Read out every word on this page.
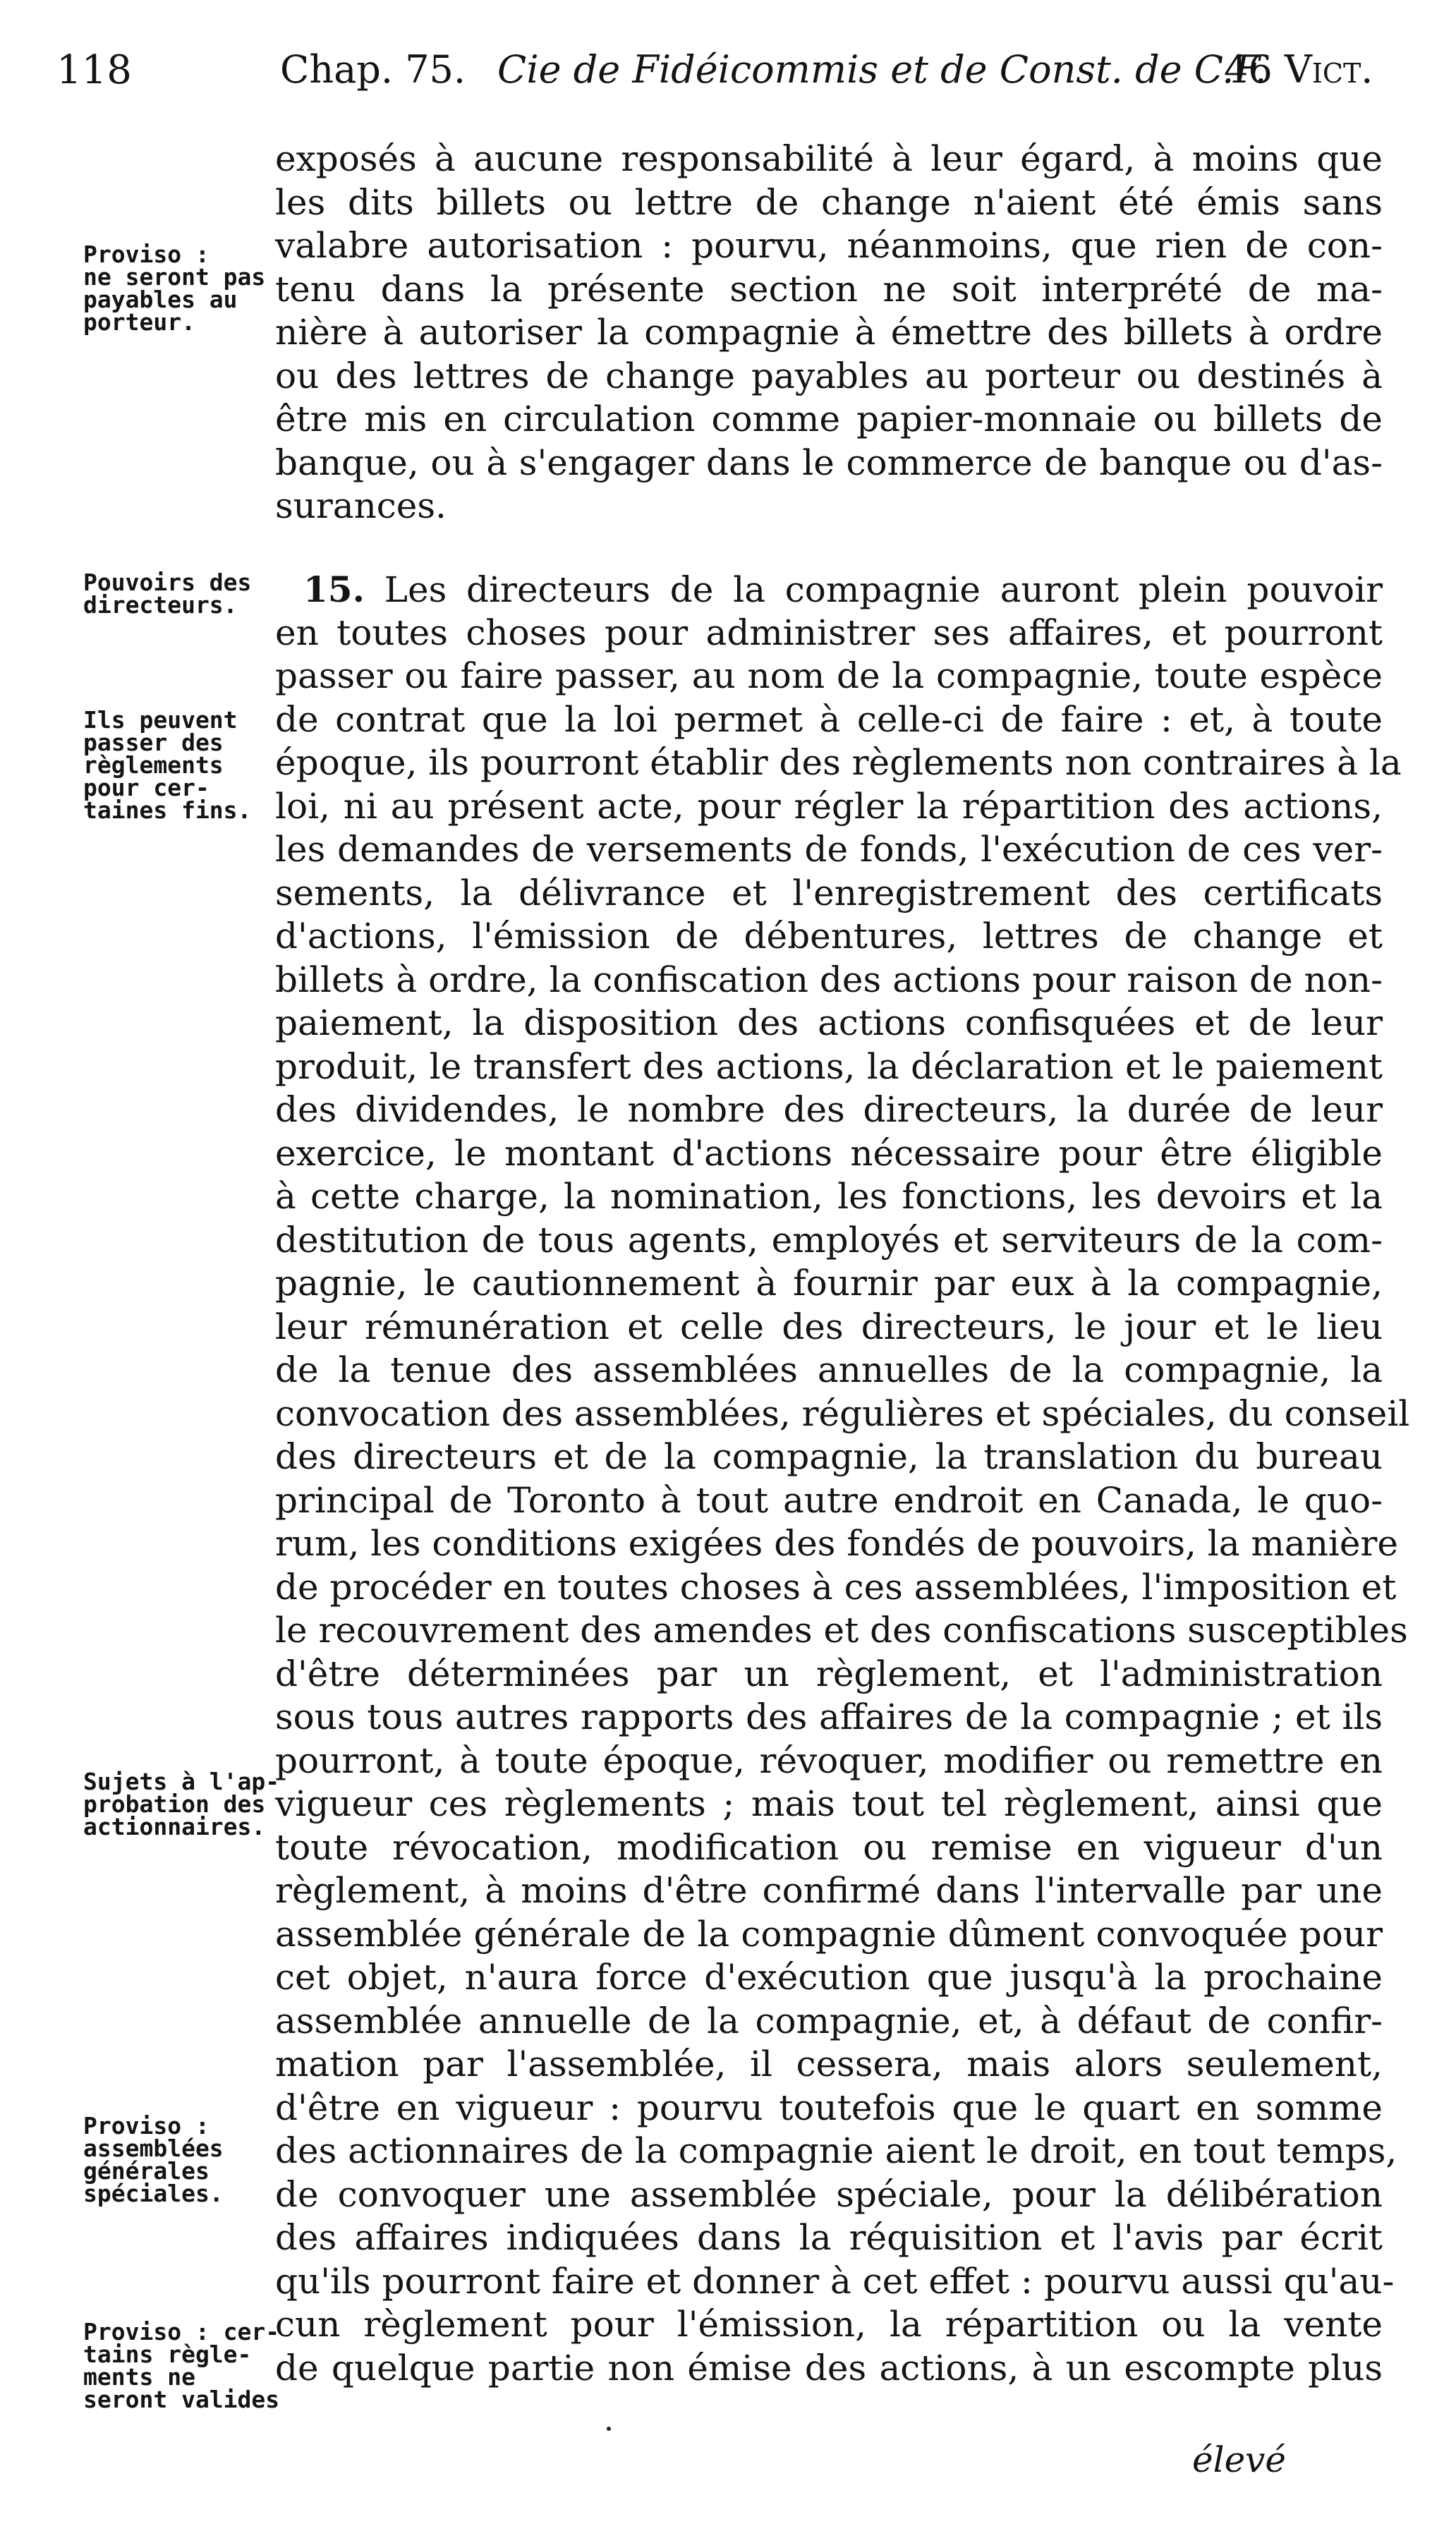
118	Chap. 75. Cie de Fidéicommis et de Const. de C.F.
46 Vict.
Proviso :
ne seront pas
payables au
porteur.
Pouvoirs des
directeurs.
Ils peuvent
passer des
règlements
pour cer-
taines fins.
Sujets à l'ap-
probation des
actionnaires.
Proviso :
assemblées
générales
spéciales.
Proviso : cer-
tains règle-
ments ne
seront valides
exposés à aucune responsabilité à leur égard, à moins que
les dits billets ou lettre de change n'aient été émis sans
valabre autorisation : pourvu, néanmoins, que rien de con-
tenu dans la présente section ne soit interprété de ma-
nière à autoriser la compagnie à émettre des billets à ordre
ou des lettres de change payables au porteur ou destinés à
être mis en circulation comme papier-monnaie ou billets de
banque, ou à s'engager dans le commerce de banque ou d'as-
surances.
15. Les directeurs de la compagnie auront plein pouvoir
en toutes choses pour administrer ses affaires, et pourront
passer ou faire passer, au nom de la compagnie, toute espèce
de contrat que la loi permet à celle-ci de faire : et, à toute
époque, ils pourront établir des règlements non contraires à la
loi, ni au présent acte, pour régler la répartition des actions,
les demandes de versements de fonds, l'exécution de ces ver-
sements, la délivrance et l'enregistrement des certificats
d'actions, l'émission de débentures, lettres de change et
billets à ordre, la confiscation des actions pour raison de non-
paiement, la disposition des actions confisquées et de leur
produit, le transfert des actions, la déclaration et le paiement
des dividendes, le nombre des directeurs, la durée de leur
exercice, le montant d'actions nécessaire pour être éligible
à cette charge, la nomination, les fonctions, les devoirs et la
destitution de tous agents, employés et serviteurs de la com-
pagnie, le cautionnement à fournir par eux à la compagnie,
leur rémunération et celle des directeurs, le jour et le lieu
de la tenue des assemblées annuelles de la compagnie, la
convocation des assemblées, régulières et spéciales, du conseil
des directeurs et de la compagnie, la translation du bureau
principal de Toronto à tout autre endroit en Canada, le quo-
rum, les conditions exigées des fondés de pouvoirs, la manière
de procéder en toutes choses à ces assemblées, l'imposition et
le recouvrement des amendes et des confiscations susceptibles
d'être déterminées par un règlement, et l'administration
sous tous autres rapports des affaires de la compagnie ; et ils
pourront, à toute époque, révoquer, modifier ou remettre en
vigueur ces règlements ; mais tout tel règlement, ainsi que
toute révocation, modification ou remise en vigueur d'un
règlement, à moins d'être confirmé dans l'intervalle par une
assemblée générale de la compagnie dûment convoquée pour
cet objet, n'aura force d'exécution que jusqu'à la prochaine
assemblée annuelle de la compagnie, et, à défaut de confir-
mation par l'assemblée, il cessera, mais alors seulement,
d'être en vigueur : pourvu toutefois que le quart en somme
des actionnaires de la compagnie aient le droit, en tout temps,
de convoquer une assemblée spéciale, pour la délibération
des affaires indiquées dans la réquisition et l'avis par écrit
qu'ils pourront faire et donner à cet effet : pourvu aussi qu'au-
cun règlement pour l'émission, la répartition ou la vente
de quelque partie non émise des actions, à un escompte plus
élevé
